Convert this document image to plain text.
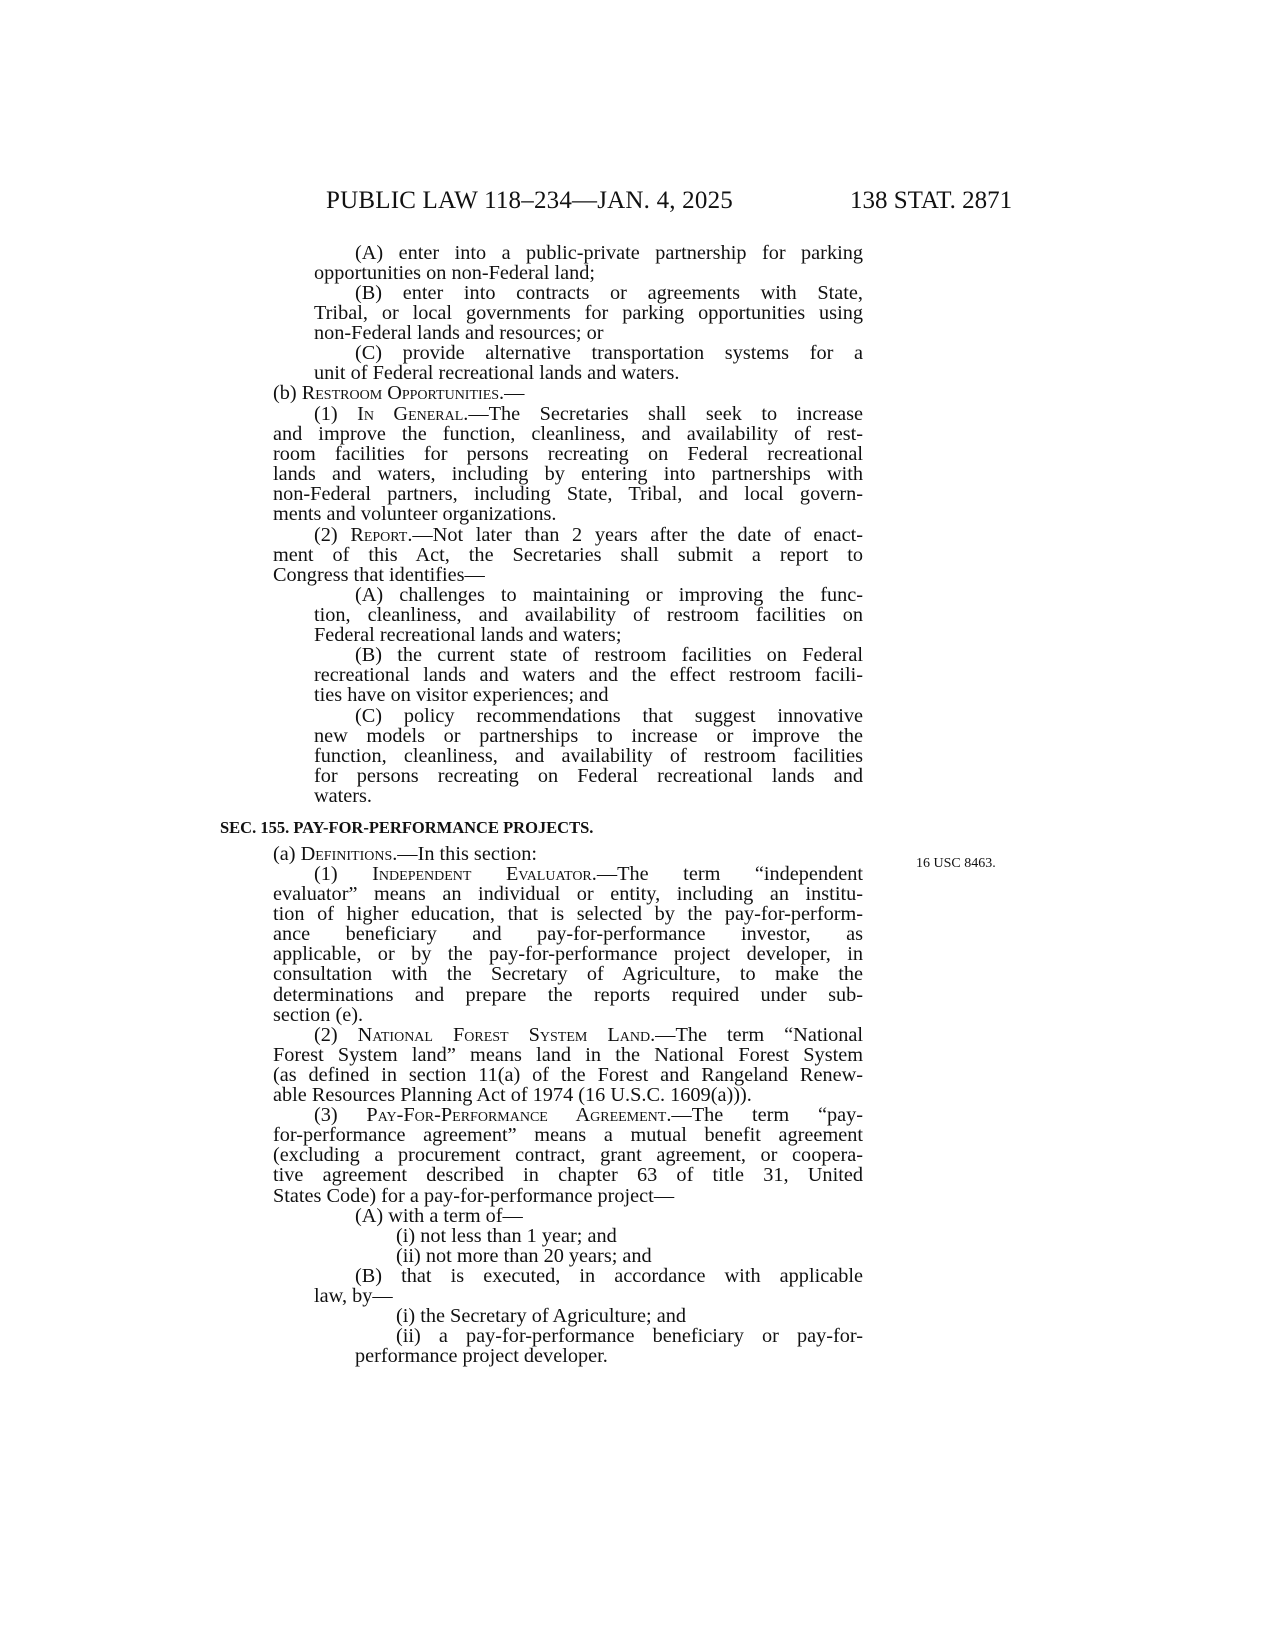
PUBLIC LAW 118–234—JAN. 4, 2025	138 STAT. 2871
16 USC 8463.
(A) enter into a public-private partnership for parking
opportunities on non-Federal land;
(B) enter into contracts or agreements with State,
Tribal, or local governments for parking opportunities using
non-Federal lands and resources; or
(C) provide alternative transportation systems for a
unit of Federal recreational lands and waters.
(b) Restroom Opportunities.—
(1) In General.—The Secretaries shall seek to increase
and improve the function, cleanliness, and availability of rest-
room facilities for persons recreating on Federal recreational
lands and waters, including by entering into partnerships with
non-Federal partners, including State, Tribal, and local govern-
ments and volunteer organizations.
(2) Report.—Not later than 2 years after the date of enact-
ment of this Act, the Secretaries shall submit a report to
Congress that identifies—
(A) challenges to maintaining or improving the func-
tion, cleanliness, and availability of restroom facilities on
Federal recreational lands and waters;
(B) the current state of restroom facilities on Federal
recreational lands and waters and the effect restroom facili-
ties have on visitor experiences; and
(C) policy recommendations that suggest innovative
new models or partnerships to increase or improve the
function, cleanliness, and availability of restroom facilities
for persons recreating on Federal recreational lands and
waters.
SEC. 155. PAY-FOR-PERFORMANCE PROJECTS.
(a) Definitions.—In this section:
(1) Independent Evaluator.—The term “independent
evaluator” means an individual or entity, including an institu-
tion of higher education, that is selected by the pay-for-perform-
ance beneficiary and pay-for-performance investor, as
applicable, or by the pay-for-performance project developer, in
consultation with the Secretary of Agriculture, to make the
determinations and prepare the reports required under sub-
section (e).
(2) National Forest System Land.—The term “National
Forest System land” means land in the National Forest System
(as defined in section 11(a) of the Forest and Rangeland Renew-
able Resources Planning Act of 1974 (16 U.S.C. 1609(a))).
(3) Pay-For-Performance Agreement.—The term “pay-
for-performance agreement” means a mutual benefit agreement
(excluding a procurement contract, grant agreement, or coopera-
tive agreement described in chapter 63 of title 31, United
States Code) for a pay-for-performance project—
(A) with a term of—
(i) not less than 1 year; and
(ii) not more than 20 years; and
(B) that is executed, in accordance with applicable
law, by—
(i) the Secretary of Agriculture; and
(ii) a pay-for-performance beneficiary or pay-for-
performance project developer.
